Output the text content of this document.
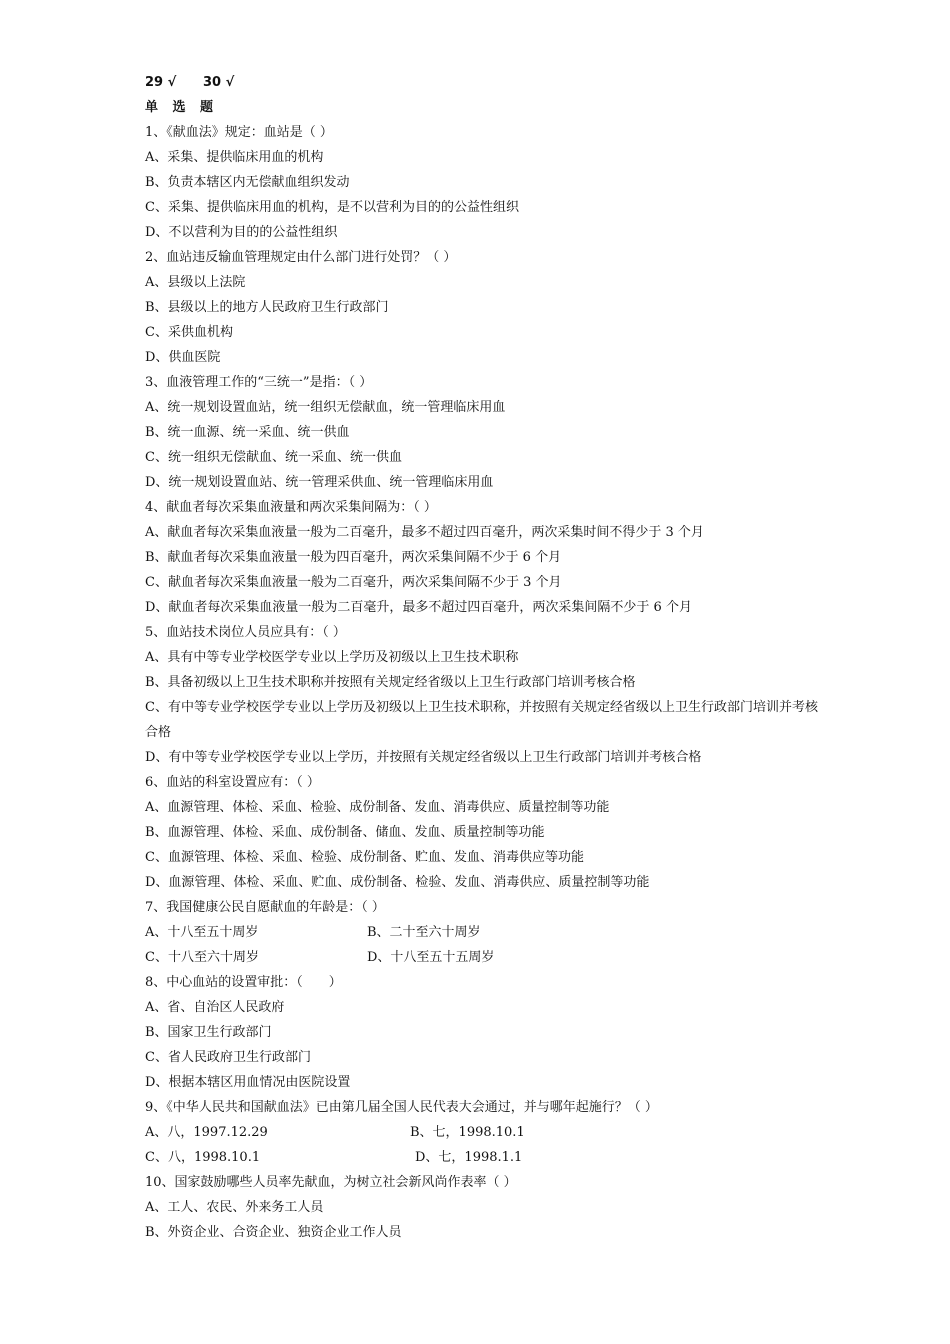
29 √ 30 √
单 选 题
1、《献血法》规定：血站是（ ）
A、采集、提供临床用血的机构
B、负责本辖区内无偿献血组织发动
C、采集、提供临床用血的机构，是不以营利为目的的公益性组织
D、不以营利为目的的公益性组织
2、血站违反输血管理规定由什么部门进行处罚？（ ）
A、县级以上法院
B、县级以上的地方人民政府卫生行政部门
C、采供血机构
D、供血医院
3、血液管理工作的“三统一”是指：（ ）
A、统一规划设置血站，统一组织无偿献血，统一管理临床用血
B、统一血源、统一采血、统一供血
C、统一组织无偿献血、统一采血、统一供血
D、统一规划设置血站、统一管理采供血、统一管理临床用血
4、献血者每次采集血液量和两次采集间隔为：（ ）
A、献血者每次采集血液量一般为二百毫升，最多不超过四百毫升，两次采集时间不得少于 3 个月
B、献血者每次采集血液量一般为四百毫升，两次采集间隔不少于 6 个月
C、献血者每次采集血液量一般为二百毫升，两次采集间隔不少于 3 个月
D、献血者每次采集血液量一般为二百毫升，最多不超过四百毫升，两次采集间隔不少于 6 个月
5、血站技术岗位人员应具有：（ ）
A、具有中等专业学校医学专业以上学历及初级以上卫生技术职称
B、具备初级以上卫生技术职称并按照有关规定经省级以上卫生行政部门培训考核合格
C、有中等专业学校医学专业以上学历及初级以上卫生技术职称，并按照有关规定经省级以上卫生行政部门培训并考核合格
D、有中等专业学校医学专业以上学历，并按照有关规定经省级以上卫生行政部门培训并考核合格
6、血站的科室设置应有：（ ）
A、血源管理、体检、采血、检验、成份制备、发血、消毒供应、质量控制等功能
B、血源管理、体检、采血、成份制备、储血、发血、质量控制等功能
C、血源管理、体检、采血、检验、成份制备、贮血、发血、消毒供应等功能
D、血源管理、体检、采血、贮血、成份制备、检验、发血、消毒供应、质量控制等功能
7、我国健康公民自愿献血的年龄是：（ ）
A、十八至五十周岁	B、二十至六十周岁
C、十八至六十周岁	D、十八至五十五周岁
8、中心血站的设置审批：（　　）
A、省、自治区人民政府
B、国家卫生行政部门
C、省人民政府卫生行政部门
D、根据本辖区用血情况由医院设置
9、《中华人民共和国献血法》已由第几届全国人民代表大会通过，并与哪年起施行？（ ）
A、八，1997.12.29	B、七，1998.10.1
C、八，1998.10.1	D、七，1998.1.1
10、国家鼓励哪些人员率先献血，为树立社会新风尚作表率（ ）
A、工人、农民、外来务工人员
B、外资企业、合资企业、独资企业工作人员
